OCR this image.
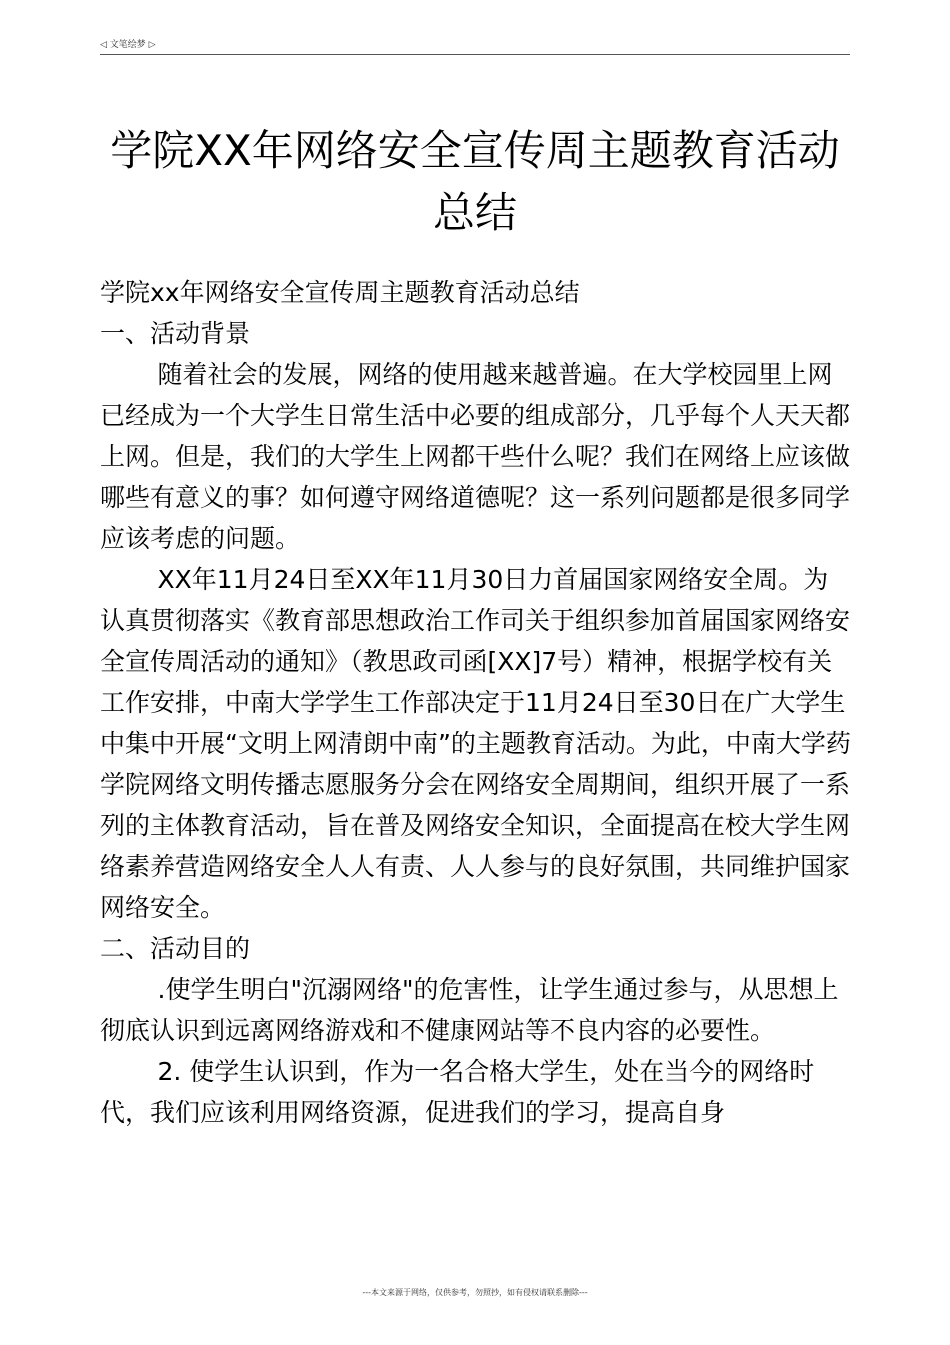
◁ 文笔绘梦 ▷
学院XX年网络安全宣传周主题教育活动总结

学院xx年网络安全宣传周主题教育活动总结

一、活动背景

随着社会的发展，网络的使用越来越普遍。在大学校园里上网已经成为一个大学生日常生活中必要的组成部分，几乎每个人天天都上网。但是，我们的大学生上网都干些什么呢？我们在网络上应该做哪些有意义的事？如何遵守网络道德呢？这一系列问题都是很多同学应该考虑的问题。

XX年11月24日至XX年11月30日力首届国家网络安全周。为认真贯彻落实《教育部思想政治工作司关于组织参加首届国家网络安全宣传周活动的通知》（教思政司函[XX]7号）精神，根据学校有关工作安排，中南大学学生工作部决定于11月24日至30日在广大学生中集中开展“文明上网清朗中南”的主题教育活动。为此，中南大学药学院网络文明传播志愿服务分会在网络安全周期间，组织开展了一系列的主体教育活动，旨在普及网络安全知识，全面提高在校大学生网络素养营造网络安全人人有责、人人参与的良好氛围，共同维护国家网络安全。

二、活动目的

.使学生明白"沉溺网络"的危害性，让学生通过参与，从思想上彻底认识到远离网络游戏和不健康网站等不良内容的必要性。

2. 使学生认识到，作为一名合格大学生，处在当今的网络时代，我们应该利用网络资源，促进我们的学习，提高自身

---本文来源于网络，仅供参考，勿照抄，如有侵权请联系删除---
